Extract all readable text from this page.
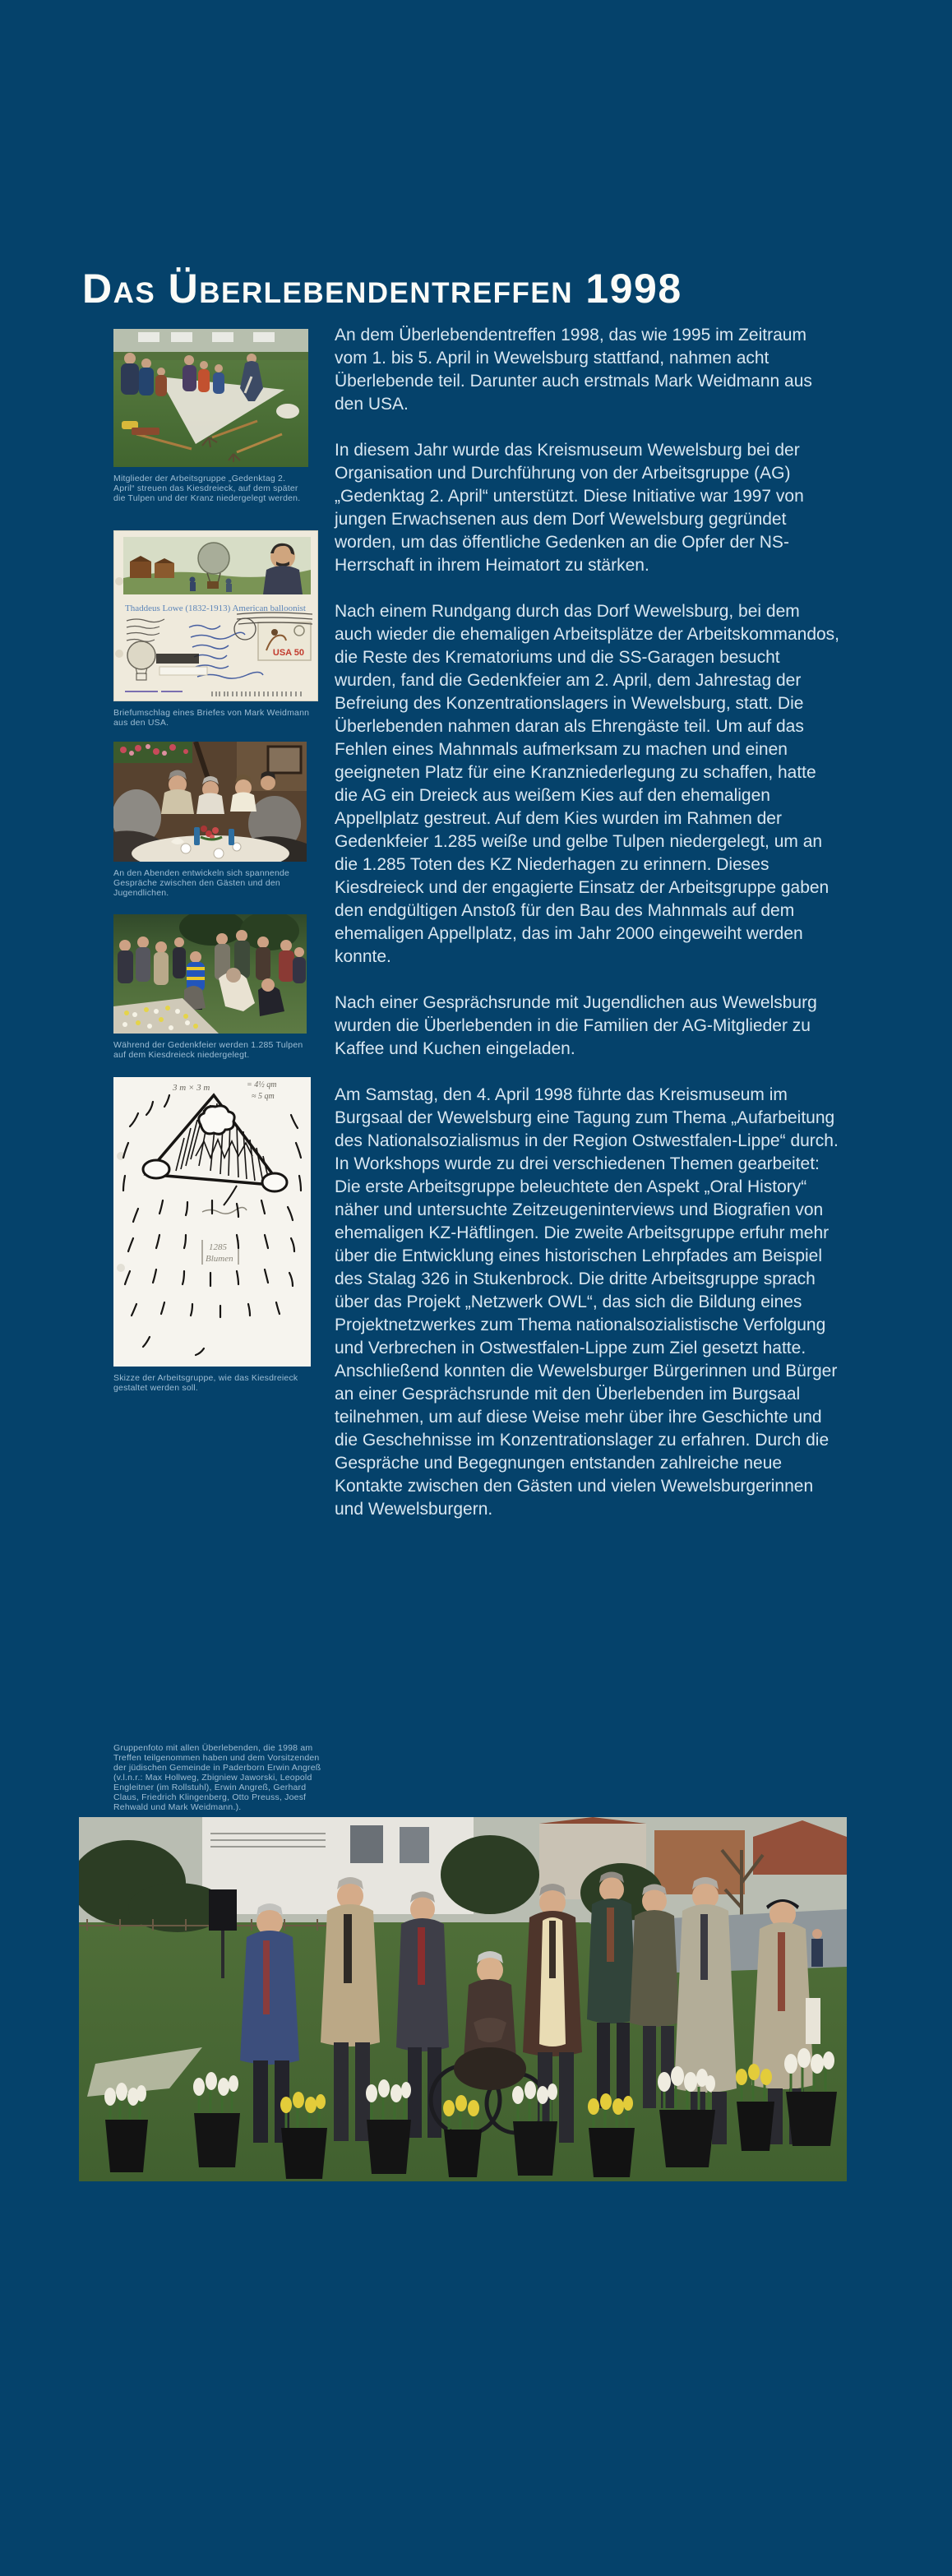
Das Überlebendentreffen 1998
Mitglieder der Arbeitsgruppe „Gedenktag 2. April“ streuen das Kiesdreieck, auf dem später die Tulpen und der Kranz niedergelegt werden.
Thaddeus Lowe (1832-1913) American balloonist
USA 50
Briefumschlag eines Briefes von Mark Weidmann aus den USA.
An den Abenden entwickeln sich spannende Gespräche zwischen den Gästen und den Jugendlichen.
Während der Gedenkfeier werden 1.285 Tulpen auf dem Kiesdreieck niedergelegt.
3 m × 3 m	= 4½ qm
≈ 5 qm
1285
Blumen
Skizze der Arbeitsgruppe, wie das Kiesdreieck gestaltet werden soll.
Gruppenfoto mit allen Überlebenden, die 1998 am Treffen teilgenommen haben und dem Vorsitzenden der jüdischen Gemeinde in Paderborn Erwin Angreß (v.l.n.r.: Max Hollweg, Zbigniew Jaworski, Leopold Engleitner (im Rollstuhl), Erwin Angreß, Gerhard Claus, Friedrich Klingenberg, Otto Preuss, Joesf Rehwald und Mark Weidmann.).

An dem Überlebendentreffen 1998, das wie 1995 im Zeitraum vom 1. bis 5. April in Wewelsburg stattfand, nahmen acht Überlebende teil. Darunter auch erstmals Mark Weidmann aus den USA.

In diesem Jahr wurde das Kreismuseum Wewelsburg bei der Organisation und Durchführung von der Arbeitsgruppe (AG) „Gedenktag 2. April“ unterstützt. Diese Initiative war 1997 von jungen Erwachsenen aus dem Dorf Wewelsburg gegründet worden, um das öffentliche Gedenken an die Opfer der NS-Herrschaft in ihrem Heimatort zu stärken.

Nach einem Rundgang durch das Dorf Wewelsburg, bei dem auch wieder die ehemaligen Arbeitsplätze der Arbeitskommandos, die Reste des Krematoriums und die SS-Garagen besucht wurden, fand die Gedenkfeier am 2. April, dem Jahrestag der Befreiung des Konzentrationslagers in Wewelsburg, statt. Die Überlebenden nahmen daran als Ehrengäste teil. Um auf das Fehlen eines Mahnmals aufmerksam zu machen und einen geeigneten Platz für eine Kranzniederlegung zu schaffen, hatte die AG ein Dreieck aus weißem Kies auf den ehemaligen Appellplatz gestreut. Auf dem Kies wurden im Rahmen der Gedenkfeier 1.285 weiße und gelbe Tulpen niedergelegt, um an die 1.285 Toten des KZ Niederhagen zu erinnern. Dieses Kiesdreieck und der engagierte Einsatz der Arbeitsgruppe gaben den endgültigen Anstoß für den Bau des Mahnmals auf dem ehemaligen Appellplatz, das im Jahr 2000 eingeweiht werden konnte.

Nach einer Gesprächsrunde mit Jugendlichen aus Wewelsburg wurden die Überlebenden in die Familien der AG-Mitglieder zu Kaffee und Kuchen eingeladen.

Am Samstag, den 4. April 1998 führte das Kreismuseum im Burgsaal der Wewelsburg eine Tagung zum Thema „Aufarbeitung des Nationalsozialismus in der Region Ostwestfalen-Lippe“ durch. In Workshops wurde zu drei verschiedenen Themen gearbeitet: Die erste Arbeitsgruppe beleuchtete den Aspekt „Oral History“ näher und untersuchte Zeitzeugeninterviews und Biografien von ehemaligen KZ-Häftlingen. Die zweite Arbeitsgruppe erfuhr mehr über die Entwicklung eines historischen Lehrpfades am Beispiel des Stalag 326 in Stukenbrock. Die dritte Arbeitsgruppe sprach über das Projekt „Netzwerk OWL“, das sich die Bildung eines Projektnetzwerkes zum Thema nationalsozialistische Verfolgung und Verbrechen in Ostwestfalen-Lippe zum Ziel gesetzt hatte. Anschließend konnten die Wewelsburger Bürgerinnen und Bürger an einer Gesprächsrunde mit den Überlebenden im Burgsaal teilnehmen, um auf diese Weise mehr über ihre Geschichte und die Geschehnisse im Konzentrationslager zu erfahren. Durch die Gespräche und Begegnungen entstanden zahlreiche neue Kontakte zwischen den Gästen und vielen Wewelsburgerinnen und Wewelsburgern.
